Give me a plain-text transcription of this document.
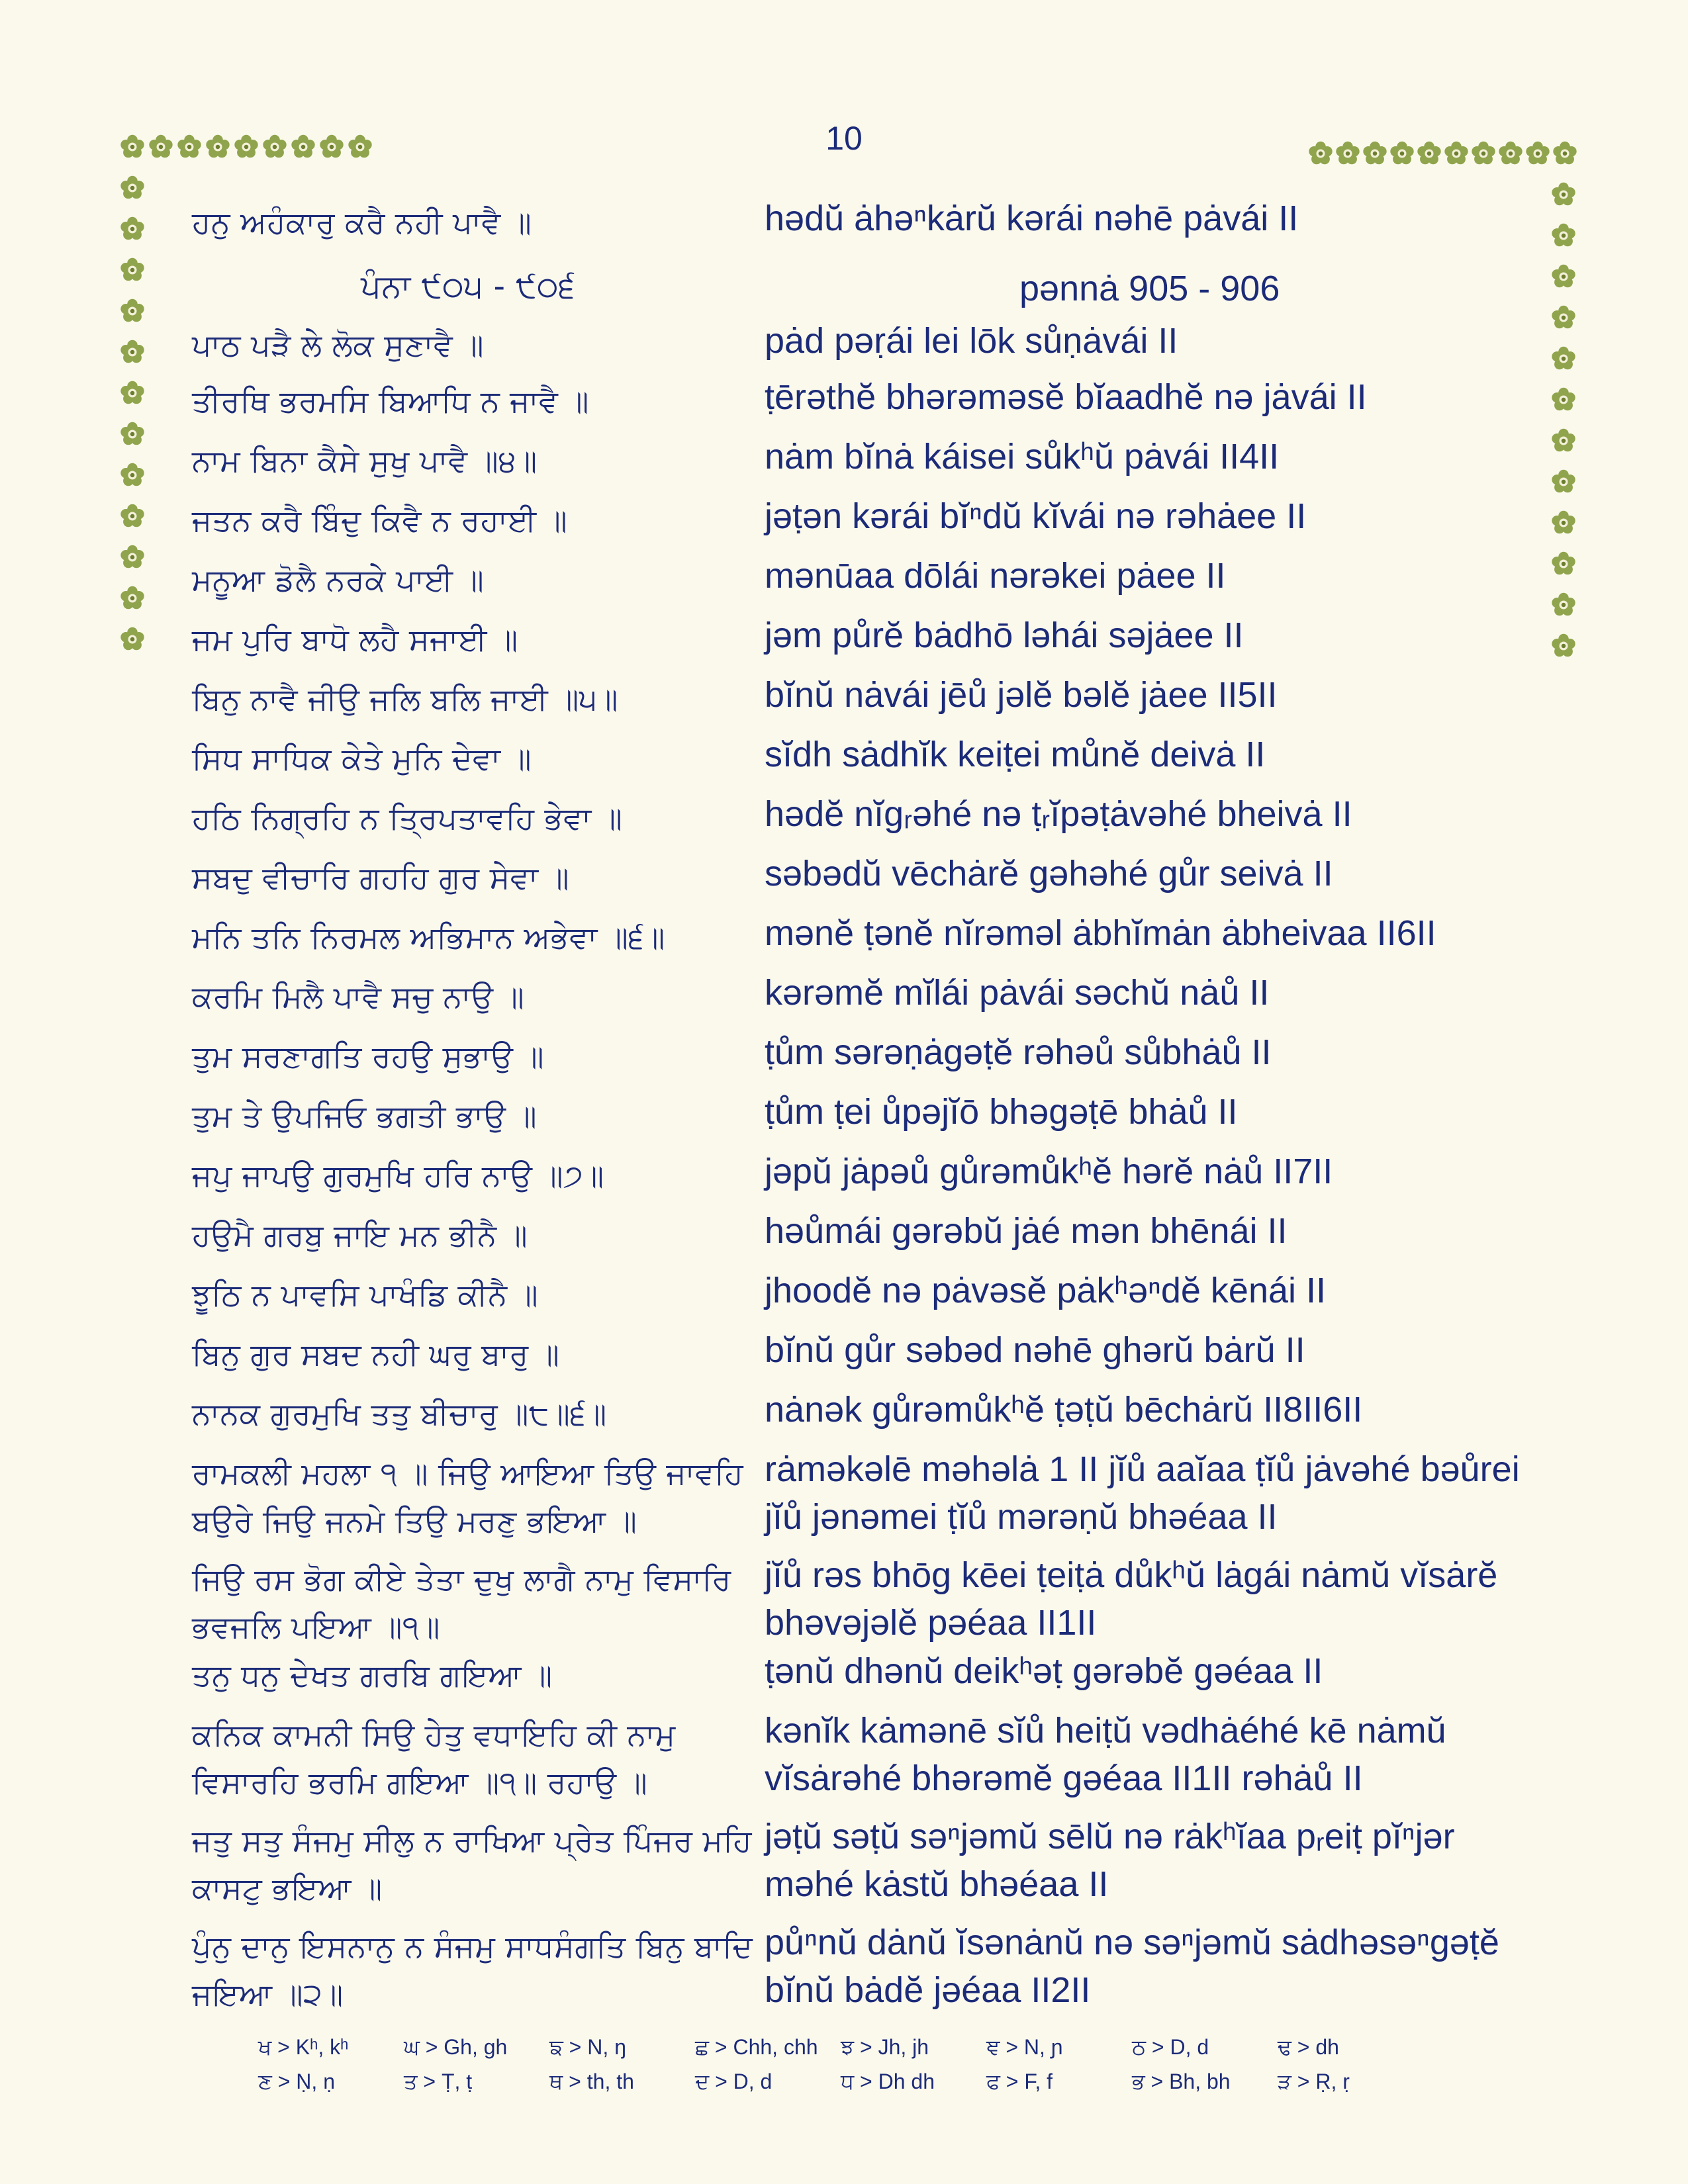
10
ਪੰਨਾ ੯੦੫ - ੯੦੬	pənnȧ 905 - 906
ਹਨੁ ਅਹੰਕਾਰੁ ਕਰੈ ਨਹੀ ਪਾਵੈ ॥	hədŭ ȧhəⁿkȧrŭ kərái nəhē pȧvái II
ਪਾਠ ਪੜੈ ਲੇ ਲੋਕ ਸੁਣਾਵੈ ॥	pȧd pəṛái lei lōk sůṇȧvái II
ਤੀਰਥਿ ਭਰਮਸਿ ਬਿਆਧਿ ਨ ਜਾਵੈ ॥	ṭērəthĕ bhərəməsĕ bĭaadhĕ nə jȧvái II
ਨਾਮ ਬਿਨਾ ਕੈਸੇ ਸੁਖੁ ਪਾਵੈ ॥੪॥	nȧm bĭnȧ káisei sůkʰŭ pȧvái II4II
ਜਤਨ ਕਰੈ ਬਿੰਦੁ ਕਿਵੈ ਨ ਰਹਾਈ ॥	jəṭən kərái bĭⁿdŭ kĭvái nə rəhȧee II
ਮਨੂਆ ਡੋਲੈ ਨਰਕੇ ਪਾਈ ॥	mənūaa dōlái nərəkei pȧee II
ਜਮ ਪੁਰਿ ਬਾਧੋ ਲਹੈ ਸਜਾਈ ॥	jəm půrĕ bȧdhō ləhái səjȧee II
ਬਿਨੁ ਨਾਵੈ ਜੀਉ ਜਲਿ ਬਲਿ ਜਾਈ ॥੫॥	bĭnŭ nȧvái jēů jəlĕ bəlĕ jȧee II5II
ਸਿਧ ਸਾਧਿਕ ਕੇਤੇ ਮੁਨਿ ਦੇਵਾ ॥	sĭdh sȧdhĭk keiṭei můnĕ deivȧ II
ਹਠਿ ਨਿਗ੍ਰਹਿ ਨ ਤ੍ਰਿਪਤਾਵਹਿ ਭੇਵਾ ॥	hədĕ nĭgᵣəhé nə ṭᵣĭpəṭȧvəhé bheivȧ II
ਸਬਦੁ ਵੀਚਾਰਿ ਗਹਹਿ ਗੁਰ ਸੇਵਾ ॥	səbədŭ vēchȧrĕ gəhəhé gůr seivȧ II
ਮਨਿ ਤਨਿ ਨਿਰਮਲ ਅਭਿਮਾਨ ਅਭੇਵਾ ॥੬॥	mənĕ ṭənĕ nĭrəməl ȧbhĭmȧn ȧbheivaa II6II
ਕਰਮਿ ਮਿਲੈ ਪਾਵੈ ਸਚੁ ਨਾਉ ॥	kərəmĕ mĭlái pȧvái səchŭ nȧů II
ਤੁਮ ਸਰਣਾਗਤਿ ਰਹਉ ਸੁਭਾਉ ॥	ṭům sərəṇȧgəṭĕ rəhəů sůbhȧů II
ਤੁਮ ਤੇ ਉਪਜਿਓ ਭਗਤੀ ਭਾਉ ॥	ṭům ṭei ůpəjĭō bhəgəṭē bhȧů II
ਜਪੁ ਜਾਪਉ ਗੁਰਮੁਖਿ ਹਰਿ ਨਾਉ ॥੭॥	jəpŭ jȧpəů gůrəmůkʰĕ hərĕ nȧů II7II
ਹਉਮੈ ਗਰਬੁ ਜਾਇ ਮਨ ਭੀਨੈ ॥	həůmái gərəbŭ jȧé mən bhēnái II
ਝੂਠਿ ਨ ਪਾਵਸਿ ਪਾਖੰਡਿ ਕੀਨੈ ॥	jhoodĕ nə pȧvəsĕ pȧkʰəⁿdĕ kēnái II
ਬਿਨੁ ਗੁਰ ਸਬਦ ਨਹੀ ਘਰੁ ਬਾਰੁ ॥	bĭnŭ gůr səbəd nəhē ghərŭ bȧrŭ II
ਨਾਨਕ ਗੁਰਮੁਖਿ ਤਤੁ ਬੀਚਾਰੁ ॥੮॥੬॥	nȧnək gůrəmůkʰĕ ṭəṭŭ bēchȧrŭ II8II6II
ਰਾਮਕਲੀ ਮਹਲਾ ੧ ॥ ਜਿਉ ਆਇਆ ਤਿਉ ਜਾਵਹਿ rȧməkəlē məhəlȧ 1 II jĭů aaĭaa ṭĭů jȧvəhé bəůrei
ਬਉਰੇ ਜਿਉ ਜਨਮੇ ਤਿਉ ਮਰਣੁ ਭਇਆ ॥	jĭů jənəmei ṭĭů mərəṇŭ bhəéaa II
ਜਿਉ ਰਸ ਭੋਗ ਕੀਏ ਤੇਤਾ ਦੁਖੁ ਲਾਗੈ ਨਾਮੁ ਵਿਸਾਰਿ jĭů rəs bhōg kēei ṭeiṭȧ důkʰŭ lȧgái nȧmŭ vĭsȧrĕ
ਭਵਜਲਿ ਪਇਆ ॥੧॥	bhəvəjəlĕ pəéaa II1II
ਤਨੁ ਧਨੁ ਦੇਖਤ ਗਰਬਿ ਗਇਆ ॥	ṭənŭ dhənŭ deikʰəṭ gərəbĕ gəéaa II
ਕਨਿਕ ਕਾਮਨੀ ਸਿਉ ਹੇਤੁ ਵਧਾਇਹਿ ਕੀ ਨਾਮੁ kənĭk kȧmənē sĭů heiṭŭ vədhȧéhé kē nȧmŭ
ਵਿਸਾਰਹਿ ਭਰਮਿ ਗਇਆ ॥੧॥ ਰਹਾਉ ॥	vĭsȧrəhé bhərəmĕ gəéaa II1II rəhȧů II
ਜਤੁ ਸਤੁ ਸੰਜਮੁ ਸੀਲੁ ਨ ਰਾਖਿਆ ਪ੍ਰੇਤ ਪਿੰਜਰ ਮਹਿ jəṭŭ səṭŭ səⁿjəmŭ sēlŭ nə rȧkʰĭaa pᵣeiṭ pĭⁿjər
ਕਾਸਟੁ ਭਇਆ ॥	məhé kȧstŭ bhəéaa II
ਪੁੰਨੁ ਦਾਨੁ ਇਸਨਾਨੁ ਨ ਸੰਜਮੁ ਸਾਧਸੰਗਤਿ ਬਿਨੁ ਬਾਦਿ půⁿnŭ dȧnŭ ĭsənȧnŭ nə səⁿjəmŭ sȧdhəsəⁿgəṭĕ
ਜਇਆ ॥੨॥	bĭnŭ bȧdĕ jəéaa II2II
ਖ > Kʰ, kʰ	ਘ > Gh, gh	ਙ > N, ŋ	ਛ > Chh, chh	ਝ > Jh, jh	ਞ > N, ɲ	ਠ > D, d	ਢ > dh
ਣ > Ṇ, ṇ	ਤ > Ṭ, ṭ	ਥ > th, th	ਦ > D, d	ਧ > Dh dh	ਫ > F, f	ਭ > Bh, bh	ੜ > Ṛ, ṛ
